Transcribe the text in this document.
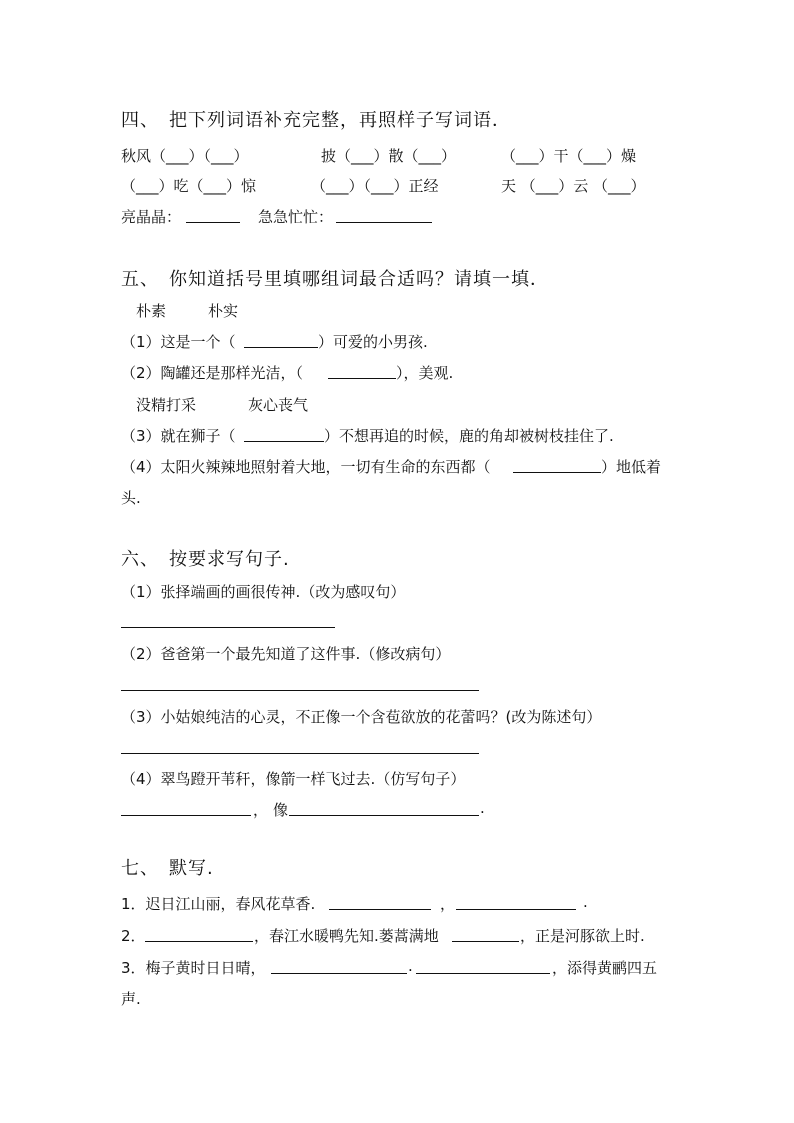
四、　把下列词语补充完整，再照样子写词语．
秋风（___）（___）	披（___）散（___）	（___）干（___）燥
（___）吃（___）惊	（___）（___）正经	天 （___）云 （___）
亮晶晶：	急急忙忙：
五、　你知道括号里填哪组词最合适吗？请填一填．
朴素	朴实
（1）这是一个（	）可爱的小男孩.
（2）陶罐还是那样光洁，（	），美观.
没精打采	灰心丧气
（3）就在狮子（	）不想再追的时候，鹿的角却被树枝挂住了.
（4）太阳火辣辣地照射着大地，一切有生命的东西都（	）地低着
头.
六、　按要求写句子.
（1）张择端画的画很传神.（改为感叹句）
（2）爸爸第一个最先知道了这件事.（修改病句）
（3）小姑娘纯洁的心灵，不正像一个含苞欲放的花蕾吗？(改为陈述句）
（4）翠鸟蹬开苇秆，像箭一样飞过去.（仿写句子）
， 像	.
七、　默写.
1．迟日江山丽，春风花草香.	，	.
2．	，春江水暖鸭先知.蒌蒿满地	，正是河豚欲上时.
3．梅子黄时日日晴，	.	，添得黄鹂四五
声.
